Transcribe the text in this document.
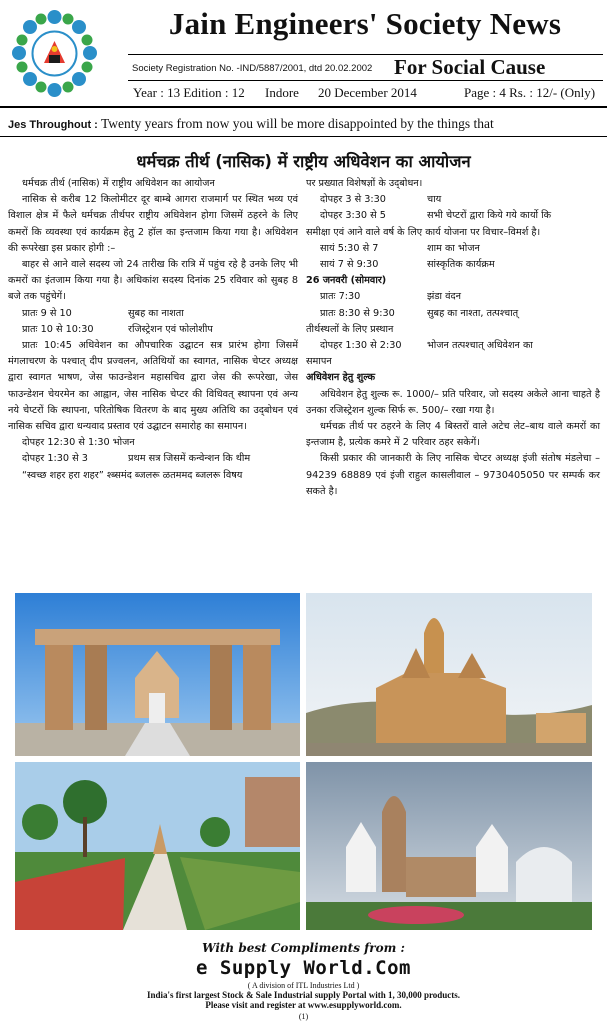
Jain Engineers' Society News
Society Registration No. -IND/5887/2001, dtd 20.02.2002 For Social Cause
Year : 13 Edition : 12 Indore 20 December 2014	Page : 4 Rs. : 12/- (Only)
Jes Throughout : Twenty years from now you will be more disappointed by the things that
धर्मचक्र तीर्थ (नासिक) में राष्ट्रीय अधिवेशन का आयोजन

धर्मचक्र तीर्थ (नासिक) में राष्ट्रीय अधिवेशन का आयोजन

नासिक से करीब 12 किलोमीटर दूर बाम्बे आगरा राजमार्ग पर स्थित भव्य एवं विशाल क्षेत्र में फैले धर्मचक्र तीर्थपर राष्ट्रीय अधिवेशन होगा जिसमें ठहरने के लिए कमरों कि व्यवस्था एवं कार्यक्रम हेतु 2 हॉल का इन्तजाम किया गया है। अधिवेशन की रूपरेखा इस प्रकार होगी :–

बाहर से आने वाले सदस्य जो 24 तारीख कि रात्रि में पहुंच रहे है उनके लिए भी कमरों का इंतजाम किया गया है। अधिकांश सदस्य दिनांक 25 रविवार को सुबह 8 बजे तक पहुंचेगें।

प्रातः 9 से 10	सुबह का नाशता
प्रातः 10 से 10:30	रजिस्ट्रेशन एवं फोलोशीप

प्रातः 10:45 अधिवेशन का औपचारिक उद्घाटन सत्र प्रारंभ होगा जिसमें मंगलाचरण के पश्चात् दीप प्रज्वलन, अतिथियों का स्वागत, नासिक चेप्टर अध्यक्ष द्वारा स्वागत भाषण, जेस फाउन्डेशन महासचिव द्वारा जेस की रूपरेखा, जेस फाउन्डेशन चेयरमेन का आह्वान, जेस नासिक चेप्टर की विधिवत् स्थापना एवं अन्य नये चेप्टरों कि स्थापना, परितोषिक वितरण के बाद मुख्य अतिथि का उद्‌बोधन एवं नासिक सचिव द्वारा धन्यवाद प्रस्ताव एवं उद्घाटन समारोह का समापन।

दोपहर 12:30 से 1:30 भोजन

दोपहर 1:30 से 3	प्रथम सत्र जिसमें कन्वेन्शन कि थीम

“स्वच्छ शहर हरा शहर” श्ब्समंद ब्जलरू ळतममद ब्जलरू विषय

पर प्रख्यात विशेषज्ञों के उद्‌बोधन।

दोपहर 3 से 3:30	चाय
दोपहर 3:30 से 5	सभी चेप्टरों द्वारा किये गये कार्यो कि

समीक्षा एवं आने वाले वर्ष के लिए कार्य योजना पर विचार–विमर्श है।

सायं 5:30 से 7	शाम का भोजन
सायं 7 से 9:30	सांस्कृतिक कार्यक्रम

26 जनवरी (सोमवार)

प्रातः 7:30	झंडा वंदन
प्रातः 8:30 से 9:30	सुबह का नाश्ता, तत्पश्चात्

तीर्थस्थलों के लिए प्रस्थान

दोपहर 1:30 से 2:30	भोजन तत्पश्चात् अधिवेशन का

समापन

अधिवेशन हेतु शुल्क

अधिवेशन हेतु शुल्क रू. 1000/– प्रति परिवार, जो सदस्य अकेले आना चाहते है उनका रजिस्ट्रेशन शुल्क सिर्फ रू. 500/– रखा गया है।

धर्मचक्र तीर्थ पर ठहरने के लिए 4 बिस्तरों वाले अटेच लेट–बाथ वाले कमरों का इन्तजाम है, प्रत्येक कमरे में 2 परिवार ठहर सकेगें।

किसी प्रकार की जानकारी के लिए नासिक चेप्टर अध्यक्ष इंजी संतोष मंडलेचा – 94239 68889 एवं इंजी राहुल कासलीवाल – 9730405050 पर सम्पर्क कर सकते है।

With best Compliments from :
e Supply World.Com
( A division of ITL Industries Ltd )
India's first largest Stock & Sale Industrial supply Portal with 1, 30,000 products.
Please visit and register at www.esupplyworld.com.
(1)
